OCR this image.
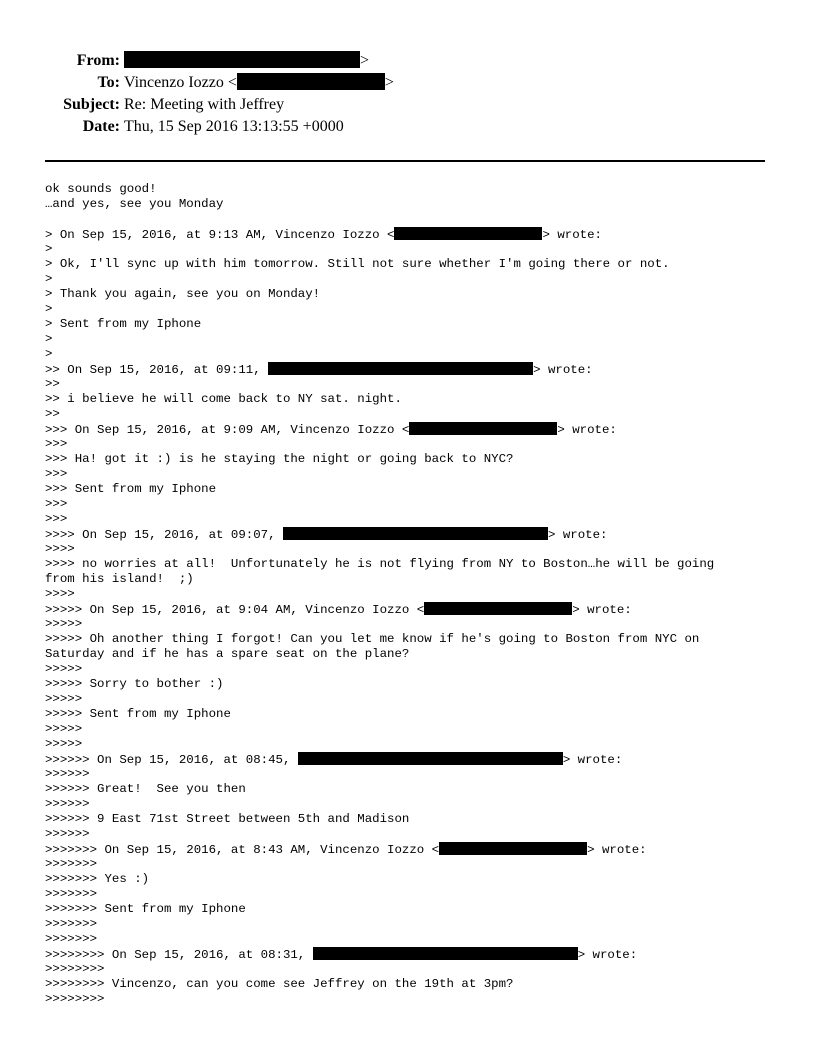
From:	>
To: Vincenzo Iozzo <	>
Subject: Re: Meeting with Jeffrey
Date: Thu, 15 Sep 2016 13:13:55 +0000
ok sounds good!
…and yes, see you Monday
> On Sep 15, 2016, at 9:13 AM, Vincenzo Iozzo <	> wrote:
>
> Ok, I'll sync up with him tomorrow. Still not sure whether I'm going there or not.
>
> Thank you again, see you on Monday!
>
> Sent from my Iphone
>
>
>> On Sep 15, 2016, at 09:11,	> wrote:
>>
>> i believe he will come back to NY sat. night.
>>
>>> On Sep 15, 2016, at 9:09 AM, Vincenzo Iozzo <	> wrote:
>>>
>>> Ha! got it :) is he staying the night or going back to NYC?
>>>
>>> Sent from my Iphone
>>>
>>>
>>>> On Sep 15, 2016, at 09:07,	> wrote:
>>>>
>>>> no worries at all!  Unfortunately he is not flying from NY to Boston…he will be going
from his island!  ;)
>>>>
>>>>> On Sep 15, 2016, at 9:04 AM, Vincenzo Iozzo <	> wrote:
>>>>>
>>>>> Oh another thing I forgot! Can you let me know if he's going to Boston from NYC on
Saturday and if he has a spare seat on the plane?
>>>>>
>>>>> Sorry to bother :)
>>>>>
>>>>> Sent from my Iphone
>>>>>
>>>>>
>>>>>> On Sep 15, 2016, at 08:45,	> wrote:
>>>>>>
>>>>>> Great!  See you then
>>>>>>
>>>>>> 9 East 71st Street between 5th and Madison
>>>>>>
>>>>>>> On Sep 15, 2016, at 8:43 AM, Vincenzo Iozzo <	> wrote:
>>>>>>>
>>>>>>> Yes :)
>>>>>>>
>>>>>>> Sent from my Iphone
>>>>>>>
>>>>>>>
>>>>>>>> On Sep 15, 2016, at 08:31,	> wrote:
>>>>>>>>
>>>>>>>> Vincenzo, can you come see Jeffrey on the 19th at 3pm?
>>>>>>>>
